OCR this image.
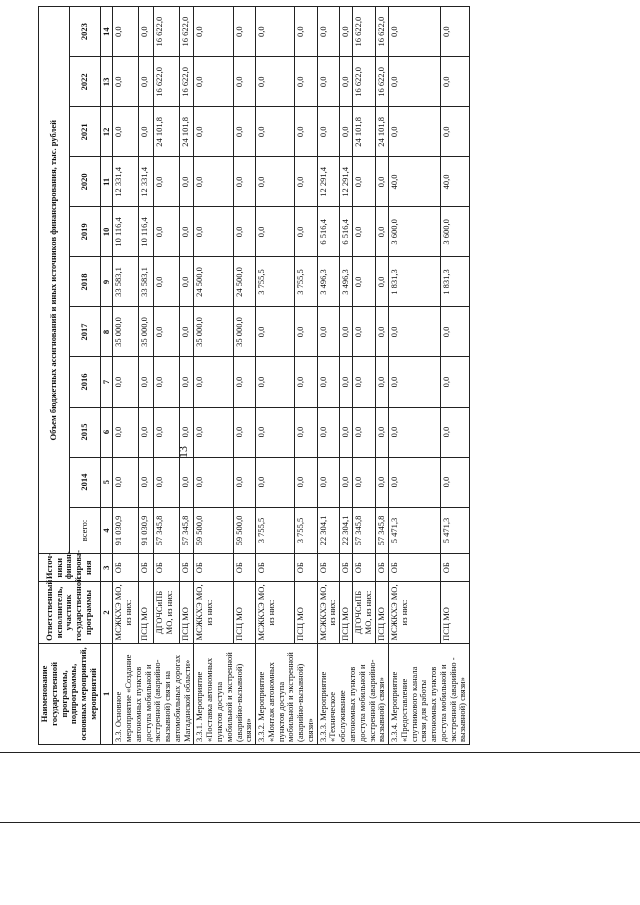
13
Наименование государственной программы, подпрограммы, основных мероприятий, мероприятий	Ответственный исполнитель, участник государственной программы	Источ-ники финан-сирова-ния	Объем бюджетных ассигнований и иных источников финансирования, тыс. рублей										
			всего:	2014	2015	2016	2017	2018	2019	2020	2021	2022	2023
1	2	3	4	5	6	7	8	9	10	11	12	13	14
3.3. Основное мероприятие «Создание автономных пунктов доступа мобильной и экстренной (аварийно-вызывной) связи на автомобильных дорогах Магаданской области»	МСЖКХЭ МО, из них:	ОБ	91 030,9	0,0	0,0	0,0	35 000,0	33 583,1	10 116,4	12 331,4	0,0	0,0	0,0
	ПСЦ МО	ОБ	91 030,9	0,0	0,0	0,0	35 000,0	33 583,1	10 116,4	12 331,4	0,0	0,0	0,0
	ДГОЧСиПБ МО, из них:	ОБ	57 345,8	0,0	0,0	0,0	0,0	0,0	0,0	0,0	24 101,8	16 622,0	16 622,0
	ПСЦ МО	ОБ	57 345,8	0,0	0,0	0,0	0,0	0,0	0,0	0,0	24 101,8	16 622,0	16 622,0
3.3.1. Мероприятие «Поставка автономных пунктов доступа мобильной и экстренной (аварийно-вызывной) связи»	МСЖКХЭ МО, из них:	ОБ	59 500,0	0,0	0,0	0,0	35 000,0	24 500,0	0,0	0,0	0,0	0,0	0,0
	ПСЦ МО	ОБ	59 500,0	0,0	0,0	0,0	35 000,0	24 500,0	0,0	0,0	0,0	0,0	0,0
3.3.2. Мероприятие «Монтаж автономных пунктов доступа мобильной и экстренной (аварийно-вызывной) связи»	МСЖКХЭ МО, из них:	ОБ	3 755,5	0,0	0,0	0,0	0,0	3 755,5	0,0	0,0	0,0	0,0	0,0
	ПСЦ МО	ОБ	3 755,5	0,0	0,0	0,0	0,0	3 755,5	0,0	0,0	0,0	0,0	0,0
3.3.3. Мероприятие «Техническое обслуживание автономных пунктов доступа мобильной и экстренной (аварийно-вызывной) связи»	МСЖКХЭ МО, из них:	ОБ	22 304,1	0,0	0,0	0,0	0,0	3 496,3	6 516,4	12 291,4	0,0	0,0	0,0
	ПСЦ МО	ОБ	22 304,1	0,0	0,0	0,0	0,0	3 496,3	6 516,4	12 291,4	0,0	0,0	0,0
	ДГОЧСиПБ МО, из них:	ОБ	57 345,8	0,0	0,0	0,0	0,0	0,0	0,0	0,0	24 101,8	16 622,0	16 622,0
	ПСЦ МО	ОБ	57 345,8	0,0	0,0	0,0	0,0	0,0	0,0	0,0	24 101,8	16 622,0	16 622,0
3.3.4. Мероприятие «Предоставление спутникового канала связи для работы автономных пунктов доступа мобильной и экстренной (аварийно - вызывной) связи»	МСЖКХЭ МО, из них:	ОБ	5 471,3	0,0	0,0	0,0	0,0	1 831,3	3 600,0	40,0	0,0	0,0	0,0
	ПСЦ МО	ОБ	5 471,3	0,0	0,0	0,0	0,0	1 831,3	3 600,0	40,0	0,0	0,0	0,0
